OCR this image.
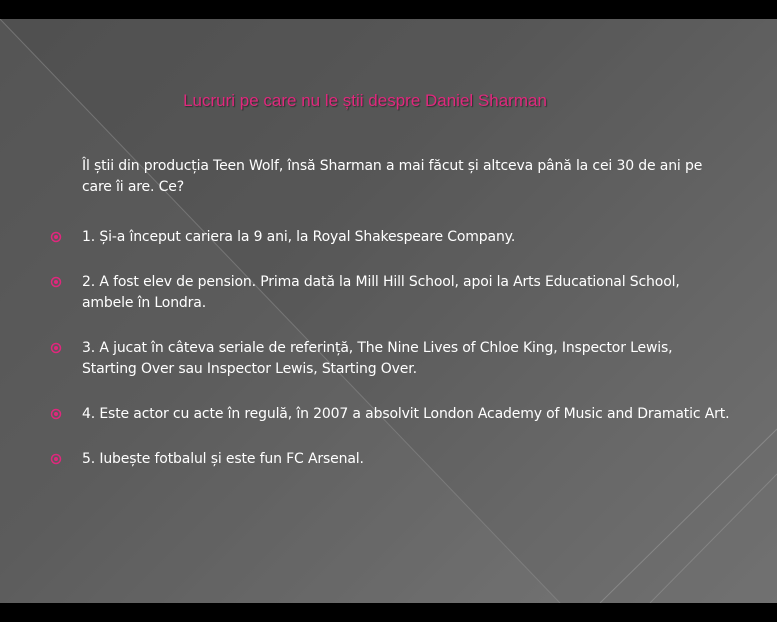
Lucruri pe care nu le știi despre Daniel Sharman
Îl știi din producția Teen Wolf, însă Sharman a mai făcut și altceva până la cei 30 de ani pe care îi are. Ce?
1. Și-a început cariera la 9 ani, la Royal Shakespeare Company.
2. A fost elev de pension. Prima dată la Mill Hill School, apoi la Arts Educational School, ambele în Londra.
3. A jucat în câteva seriale de referință, The Nine Lives of Chloe King, Inspector Lewis, Starting Over sau Inspector Lewis, Starting Over.
4. Este actor cu acte în regulă, în 2007 a absolvit London Academy of Music and Dramatic Art.
5. Iubește fotbalul și este fun FC Arsenal.
